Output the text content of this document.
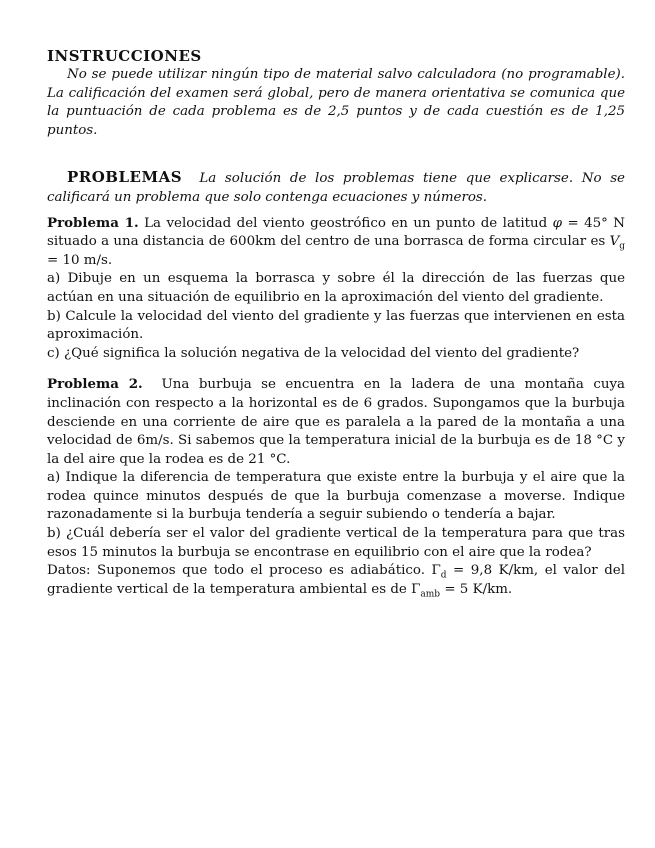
INSTRUCCIONES

No se puede utilizar ningún tipo de material salvo calculadora (no programable). La calificación del examen será global, pero de manera orientativa se comunica que la puntuación de cada problema es de 2,5 puntos y de cada cuestión es de 1,25 puntos.

PROBLEMAS La solución de los problemas tiene que explicarse. No se calificará un problema que solo contenga ecuaciones y números.

Problema 1. La velocidad del viento geostrófico en un punto de latitud φ = 45° N situado a una distancia de 600km del centro de una borrasca de forma circular es $V_g = 10$ m/s.

a) Dibuje en un esquema la borrasca y sobre él la dirección de las fuerzas que actúan en una situación de equilibrio en la aproximación del viento del gradiente.

b) Calcule la velocidad del viento del gradiente y las fuerzas que intervienen en esta aproximación.

c) ¿Qué significa la solución negativa de la velocidad del viento del gradiente?

Problema 2. Una burbuja se encuentra en la ladera de una montaña cuya inclinación con respecto a la horizontal es de 6 grados. Supongamos que la burbuja desciende en una corriente de aire que es paralela a la pared de la montaña a una velocidad de 6m/s. Si sabemos que la temperatura inicial de la burbuja es de 18 °C y la del aire que la rodea es de 21 °C.

a) Indique la diferencia de temperatura que existe entre la burbuja y el aire que la rodea quince minutos después de que la burbuja comenzase a moverse. Indique razonadamente si la burbuja tendería a seguir subiendo o tendería a bajar.

b) ¿Cuál debería ser el valor del gradiente vertical de la temperatura para que tras esos 15 minutos la burbuja se encontrase en equilibrio con el aire que la rodea?

Datos: Suponemos que todo el proceso es adiabático. $\Gamma_d = 9,8$ K/km, el valor del gradiente vertical de la temperatura ambiental es de $\Gamma_{amb} = 5$ K/km.
